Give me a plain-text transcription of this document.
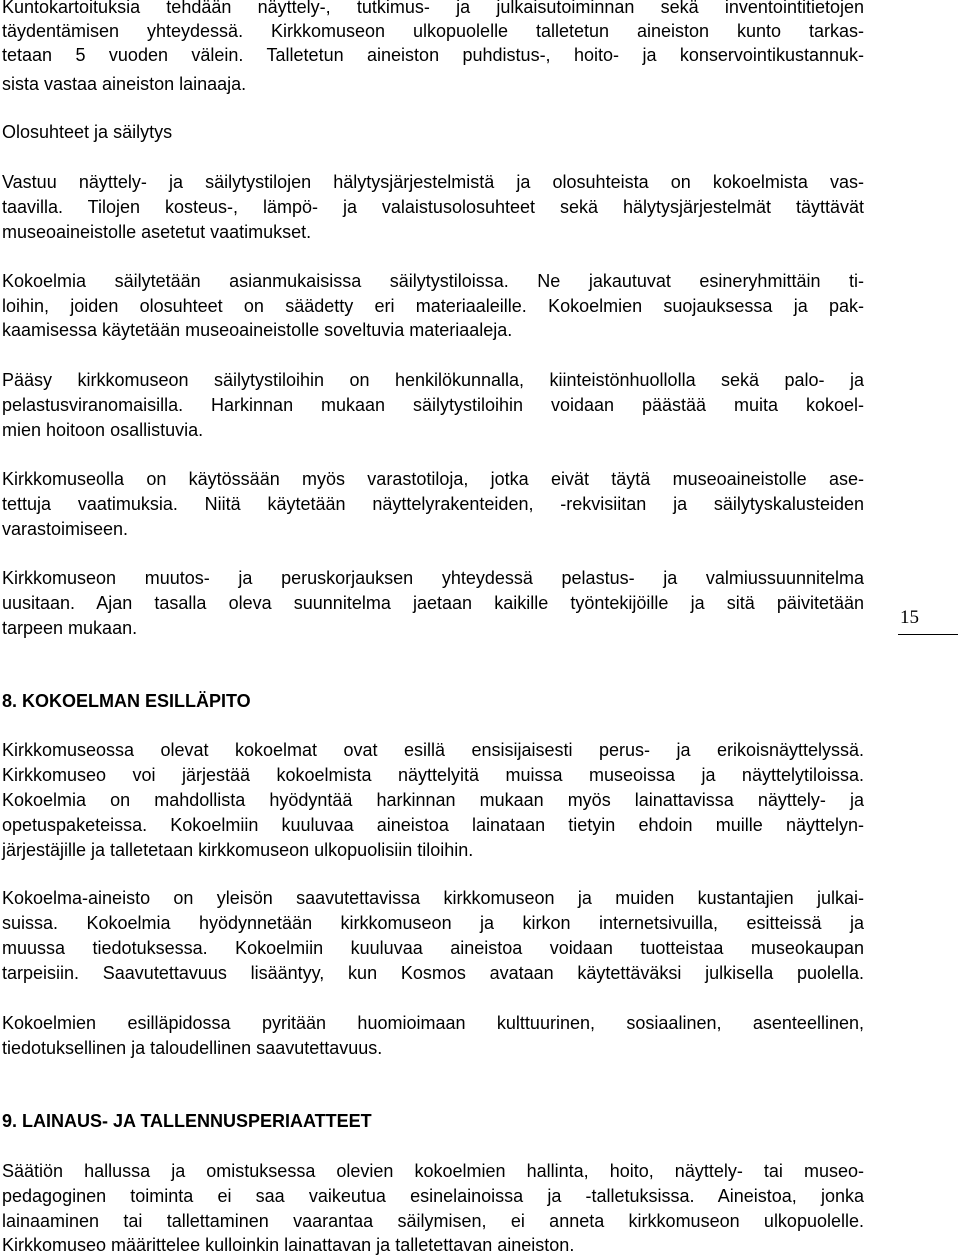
Kuntokartoituksia tehdään näyttely-, tutkimus- ja julkaisutoiminnan sekä inventointitietojen
täydentämisen yhteydessä. Kirkkomuseon ulkopuolelle talletetun aineiston kunto tarkas-
tetaan 5 vuoden välein. Talletetun aineiston puhdistus-, hoito- ja konservointikustannuk-
sista vastaa aineiston lainaaja.
Olosuhteet ja säilytys
Vastuu näyttely- ja säilytystilojen hälytysjärjestelmistä ja olosuhteista on kokoelmista vas-
taavilla. Tilojen kosteus-, lämpö- ja valaistusolosuhteet sekä hälytysjärjestelmät täyttävät
museoaineistolle asetetut vaatimukset.
Kokoelmia säilytetään asianmukaisissa säilytystiloissa. Ne jakautuvat esineryhmittäin ti-
loihin, joiden olosuhteet on säädetty eri materiaaleille. Kokoelmien suojauksessa ja pak-
kaamisessa käytetään museoaineistolle soveltuvia materiaaleja.
Pääsy kirkkomuseon säilytystiloihin on henkilökunnalla, kiinteistönhuollolla sekä palo- ja
pelastusviranomaisilla. Harkinnan mukaan säilytystiloihin voidaan päästää muita kokoel-
mien hoitoon osallistuvia.
Kirkkomuseolla on käytössään myös varastotiloja, jotka eivät täytä museoaineistolle ase-
tettuja vaatimuksia. Niitä käytetään näyttelyrakenteiden, -rekvisiitan ja säilytyskalusteiden
varastoimiseen.
Kirkkomuseon muutos- ja peruskorjauksen yhteydessä pelastus- ja valmiussuunnitelma
uusitaan. Ajan tasalla oleva suunnitelma jaetaan kaikille työntekijöille ja sitä päivitetään
tarpeen mukaan.	15
8. KOKOELMAN ESILLÄPITO
Kirkkomuseossa olevat kokoelmat ovat esillä ensisijaisesti perus- ja erikoisnäyttelyssä.
Kirkkomuseo voi järjestää kokoelmista näyttelyitä muissa museoissa ja näyttelytiloissa.
Kokoelmia on mahdollista hyödyntää harkinnan mukaan myös lainattavissa näyttely- ja
opetuspaketeissa. Kokoelmiin kuuluvaa aineistoa lainataan tietyin ehdoin muille näyttelyn-
järjestäjille ja talletetaan kirkkomuseon ulkopuolisiin tiloihin.
Kokoelma-aineisto on yleisön saavutettavissa kirkkomuseon ja muiden kustantajien julkai-
suissa. Kokoelmia hyödynnetään kirkkomuseon ja kirkon internetsivuilla, esitteissä ja
muussa tiedotuksessa. Kokoelmiin kuuluvaa aineistoa voidaan tuotteistaa museokaupan
tarpeisiin. Saavutettavuus lisääntyy, kun Kosmos avataan käytettäväksi julkisella puolella.
Kokoelmien esilläpidossa pyritään huomioimaan kulttuurinen, sosiaalinen, asenteellinen,
tiedotuksellinen ja taloudellinen saavutettavuus.
9. LAINAUS- JA TALLENNUSPERIAATTEET
Säätiön hallussa ja omistuksessa olevien kokoelmien hallinta, hoito, näyttely- tai museo-
pedagoginen toiminta ei saa vaikeutua esinelainoissa ja -talletuksissa. Aineistoa, jonka
lainaaminen tai tallettaminen vaarantaa säilymisen, ei anneta kirkkomuseon ulkopuolelle.
Kirkkomuseo määrittelee kulloinkin lainattavan ja talletettavan aineiston.
